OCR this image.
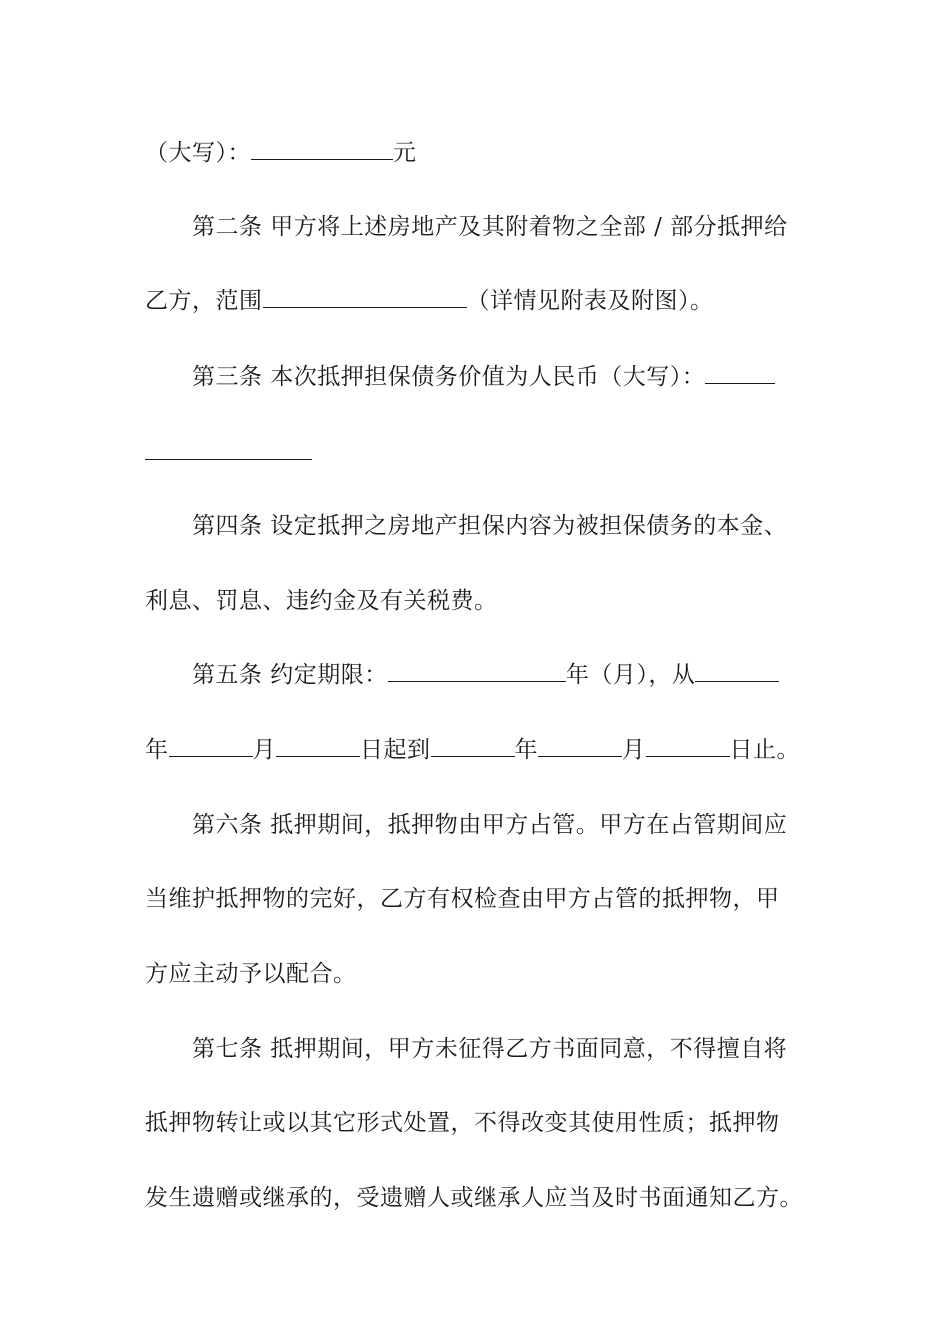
（大写）：	元
第二条 甲方将上述房地产及其附着物之全部 / 部分抵押给
乙方，范围	（详情见附表及附图）。
第三条 本次抵押担保债务价值为人民币（大写）：
第四条 设定抵押之房地产担保内容为被担保债务的本金、
利息、罚息、违约金及有关税费。
第五条 约定期限：	年（月），从
年	月	日起到	年	月	日止。
第六条 抵押期间，抵押物由甲方占管。甲方在占管期间应
当维护抵押物的完好，乙方有权检查由甲方占管的抵押物，甲
方应主动予以配合。
第七条 抵押期间，甲方未征得乙方书面同意，不得擅自将
抵押物转让或以其它形式处置，不得改变其使用性质；抵押物
发生遗赠或继承的，受遗赠人或继承人应当及时书面通知乙方。
